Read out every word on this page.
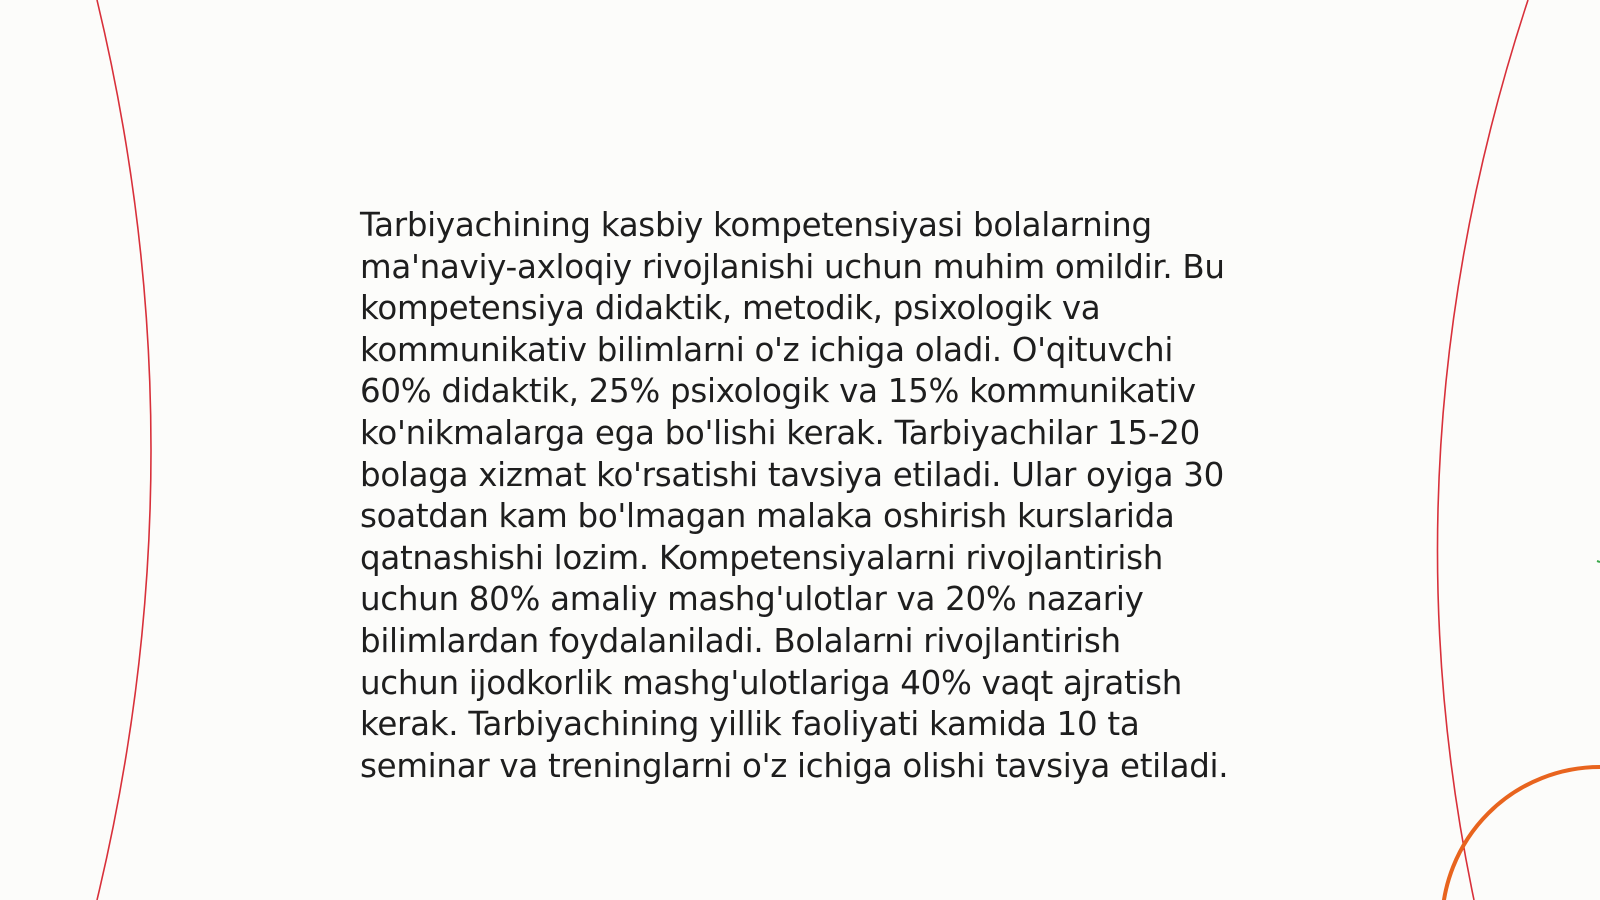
Tarbiyachining kasbiy kompetensiyasi bolalarning
ma'naviy-axloqiy rivojlanishi uchun muhim omildir. Bu
kompetensiya didaktik, metodik, psixologik va
kommunikativ bilimlarni o'z ichiga oladi. O'qituvchi
60% didaktik, 25% psixologik va 15% kommunikativ
ko'nikmalarga ega bo'lishi kerak. Tarbiyachilar 15-20
bolaga xizmat ko'rsatishi tavsiya etiladi. Ular oyiga 30
soatdan kam bo'lmagan malaka oshirish kurslarida
qatnashishi lozim. Kompetensiyalarni rivojlantirish
uchun 80% amaliy mashg'ulotlar va 20% nazariy
bilimlardan foydalaniladi. Bolalarni rivojlantirish
uchun ijodkorlik mashg'ulotlariga 40% vaqt ajratish
kerak. Tarbiyachining yillik faoliyati kamida 10 ta
seminar va treninglarni o'z ichiga olishi tavsiya etiladi.
